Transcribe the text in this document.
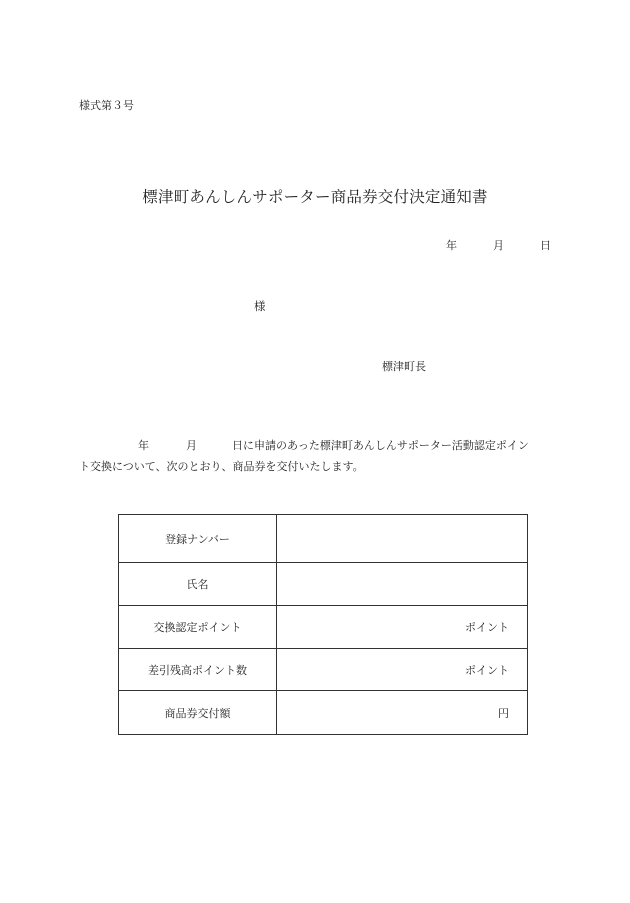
様式第３号
標津町あんしんサポーター商品券交付決定通知書
年	月	日
様
標津町長
年	月	日に申請のあった標津町あんしんサポーター活動認定ポイン
ト交換について、次のとおり、商品券を交付いたします。
登録ナンバー	
氏名	
交換認定ポイント	ポイント
差引残高ポイント数	ポイント
商品券交付額	円
